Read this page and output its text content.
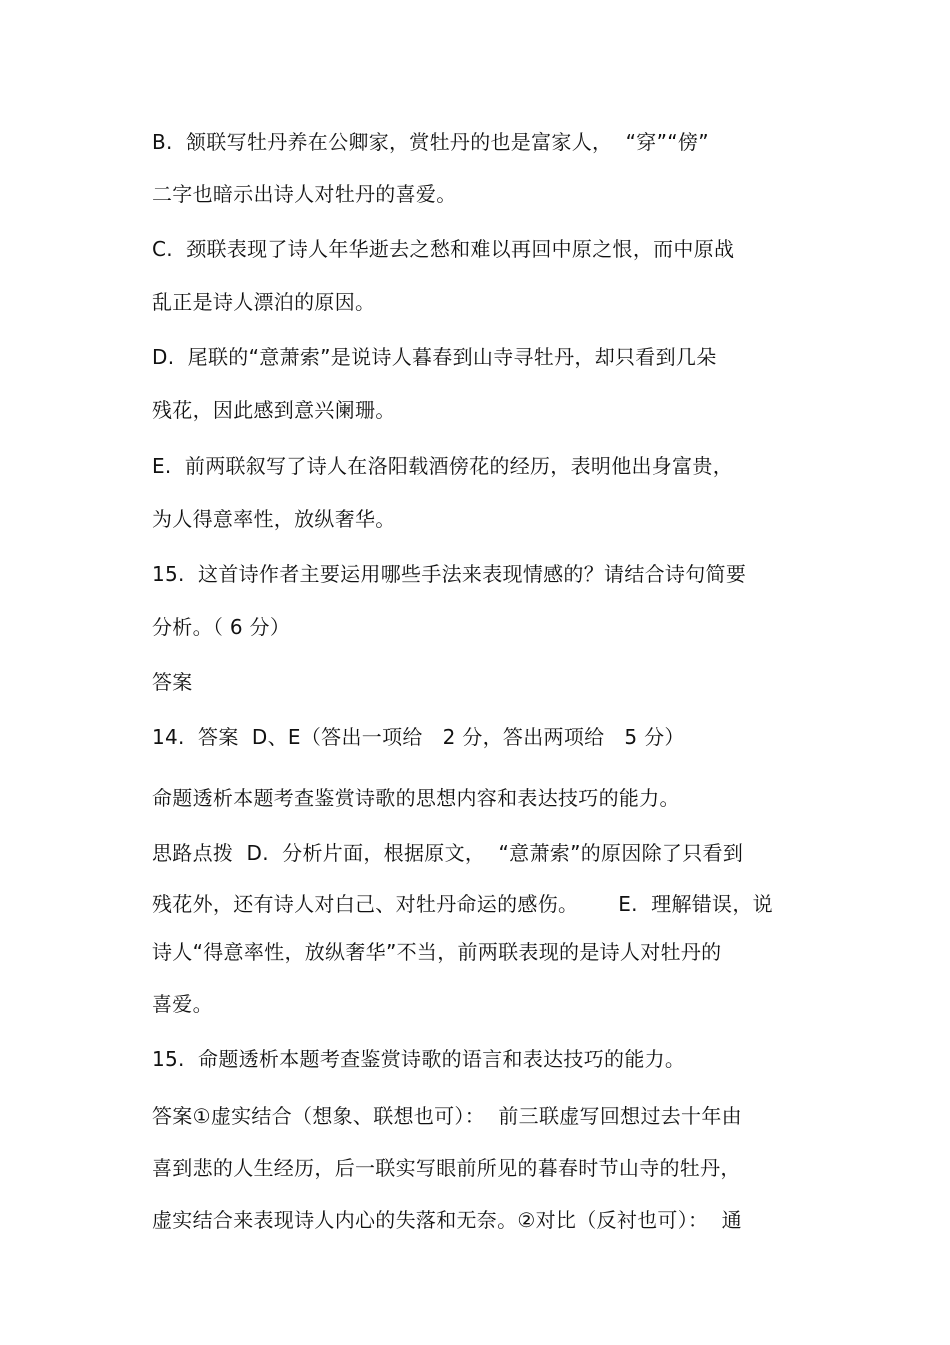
B.  颔联写牡丹养在公卿家，赏牡丹的也是富家人，  “穿”“傍”
二字也暗示出诗人对牡丹的喜爱。
C.  颈联表现了诗人年华逝去之愁和难以再回中原之恨，而中原战
乱正是诗人漂泊的原因。
D.  尾联的“意萧索”是说诗人暮春到山寺寻牡丹，却只看到几朵
残花，因此感到意兴阑珊。
E.  前两联叙写了诗人在洛阳载酒傍花的经历，表明他出身富贵，
为人得意率性，放纵奢华。
15.  这首诗作者主要运用哪些手法来表现情感的？请结合诗句简要
分析。（ 6 分）
答案
14.  答案  D、E（答出一项给   2 分，答出两项给   5 分）
命题透析本题考查鉴赏诗歌的思想内容和表达技巧的能力。
思路点拨  D.  分析片面，根据原文，  “意萧索”的原因除了只看到
残花外，还有诗人对白己、对牡丹命运的感伤。      E.  理解错误，说
诗人“得意率性，放纵奢华”不当，前两联表现的是诗人对牡丹的
喜爱。
15.  命题透析本题考查鉴赏诗歌的语言和表达技巧的能力。
答案①虚实结合（想象、联想也可）：  前三联虚写回想过去十年由
喜到悲的人生经历，后一联实写眼前所见的暮春时节山寺的牡丹，
虚实结合来表现诗人内心的失落和无奈。②对比（反衬也可）：  通
